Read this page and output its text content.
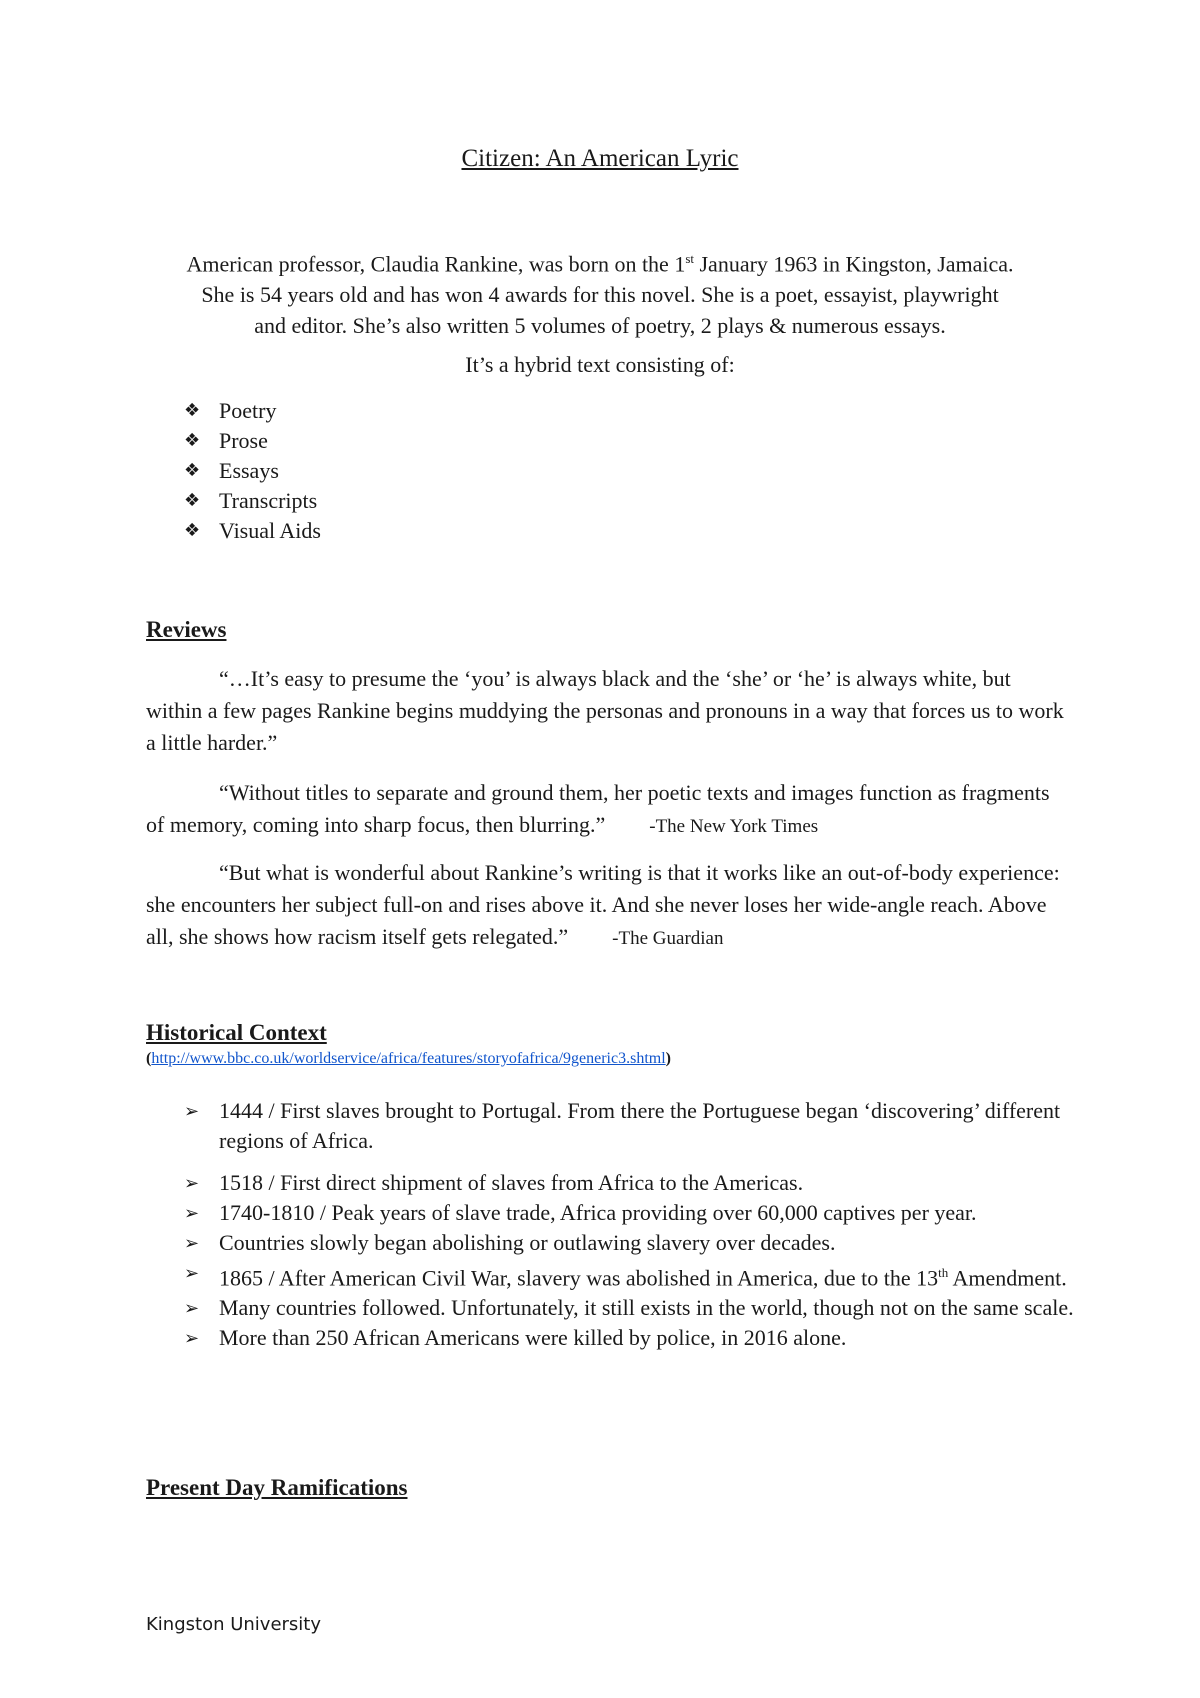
Citizen: An American Lyric

American professor, Claudia Rankine, was born on the 1st January 1963 in Kingston, Jamaica.

She is 54 years old and has won 4 awards for this novel. She is a poet, essayist, playwright

and editor. She’s also written 5 volumes of poetry, 2 plays & numerous essays.

It’s a hybrid text consisting of:
❖ Poetry
❖ Prose
❖ Essays
❖ Transcripts
❖ Visual Aids
Reviews

“…It’s easy to presume the ‘you’ is always black and the ‘she’ or ‘he’ is always white, but within a few pages Rankine begins muddying the personas and pronouns in a way that forces us to work a little harder.”

“Without titles to separate and ground them, her poetic texts and images function as fragments of memory, coming into sharp focus, then blurring.” -The New York Times

“But what is wonderful about Rankine’s writing is that it works like an out-of-body experience: she encounters her subject full-on and rises above it. And she never loses her wide-angle reach. Above all, she shows how racism itself gets relegated.” -The Guardian

Historical Context
(http://www.bbc.co.uk/worldservice/africa/features/storyofafrica/9generic3.shtml)
➢ 1444 / First slaves brought to Portugal. From there the Portuguese began ‘discovering’ different regions of Africa.
➢ 1518 / First direct shipment of slaves from Africa to the Americas.
➢ 1740-1810 / Peak years of slave trade, Africa providing over 60,000 captives per year.
➢ Countries slowly began abolishing or outlawing slavery over decades.
➢ 1865 / After American Civil War, slavery was abolished in America, due to the 13th Amendment.
➢ Many countries followed. Unfortunately, it still exists in the world, though not on the same scale.
➢ More than 250 African Americans were killed by police, in 2016 alone.
Present Day Ramifications
Kingston University
